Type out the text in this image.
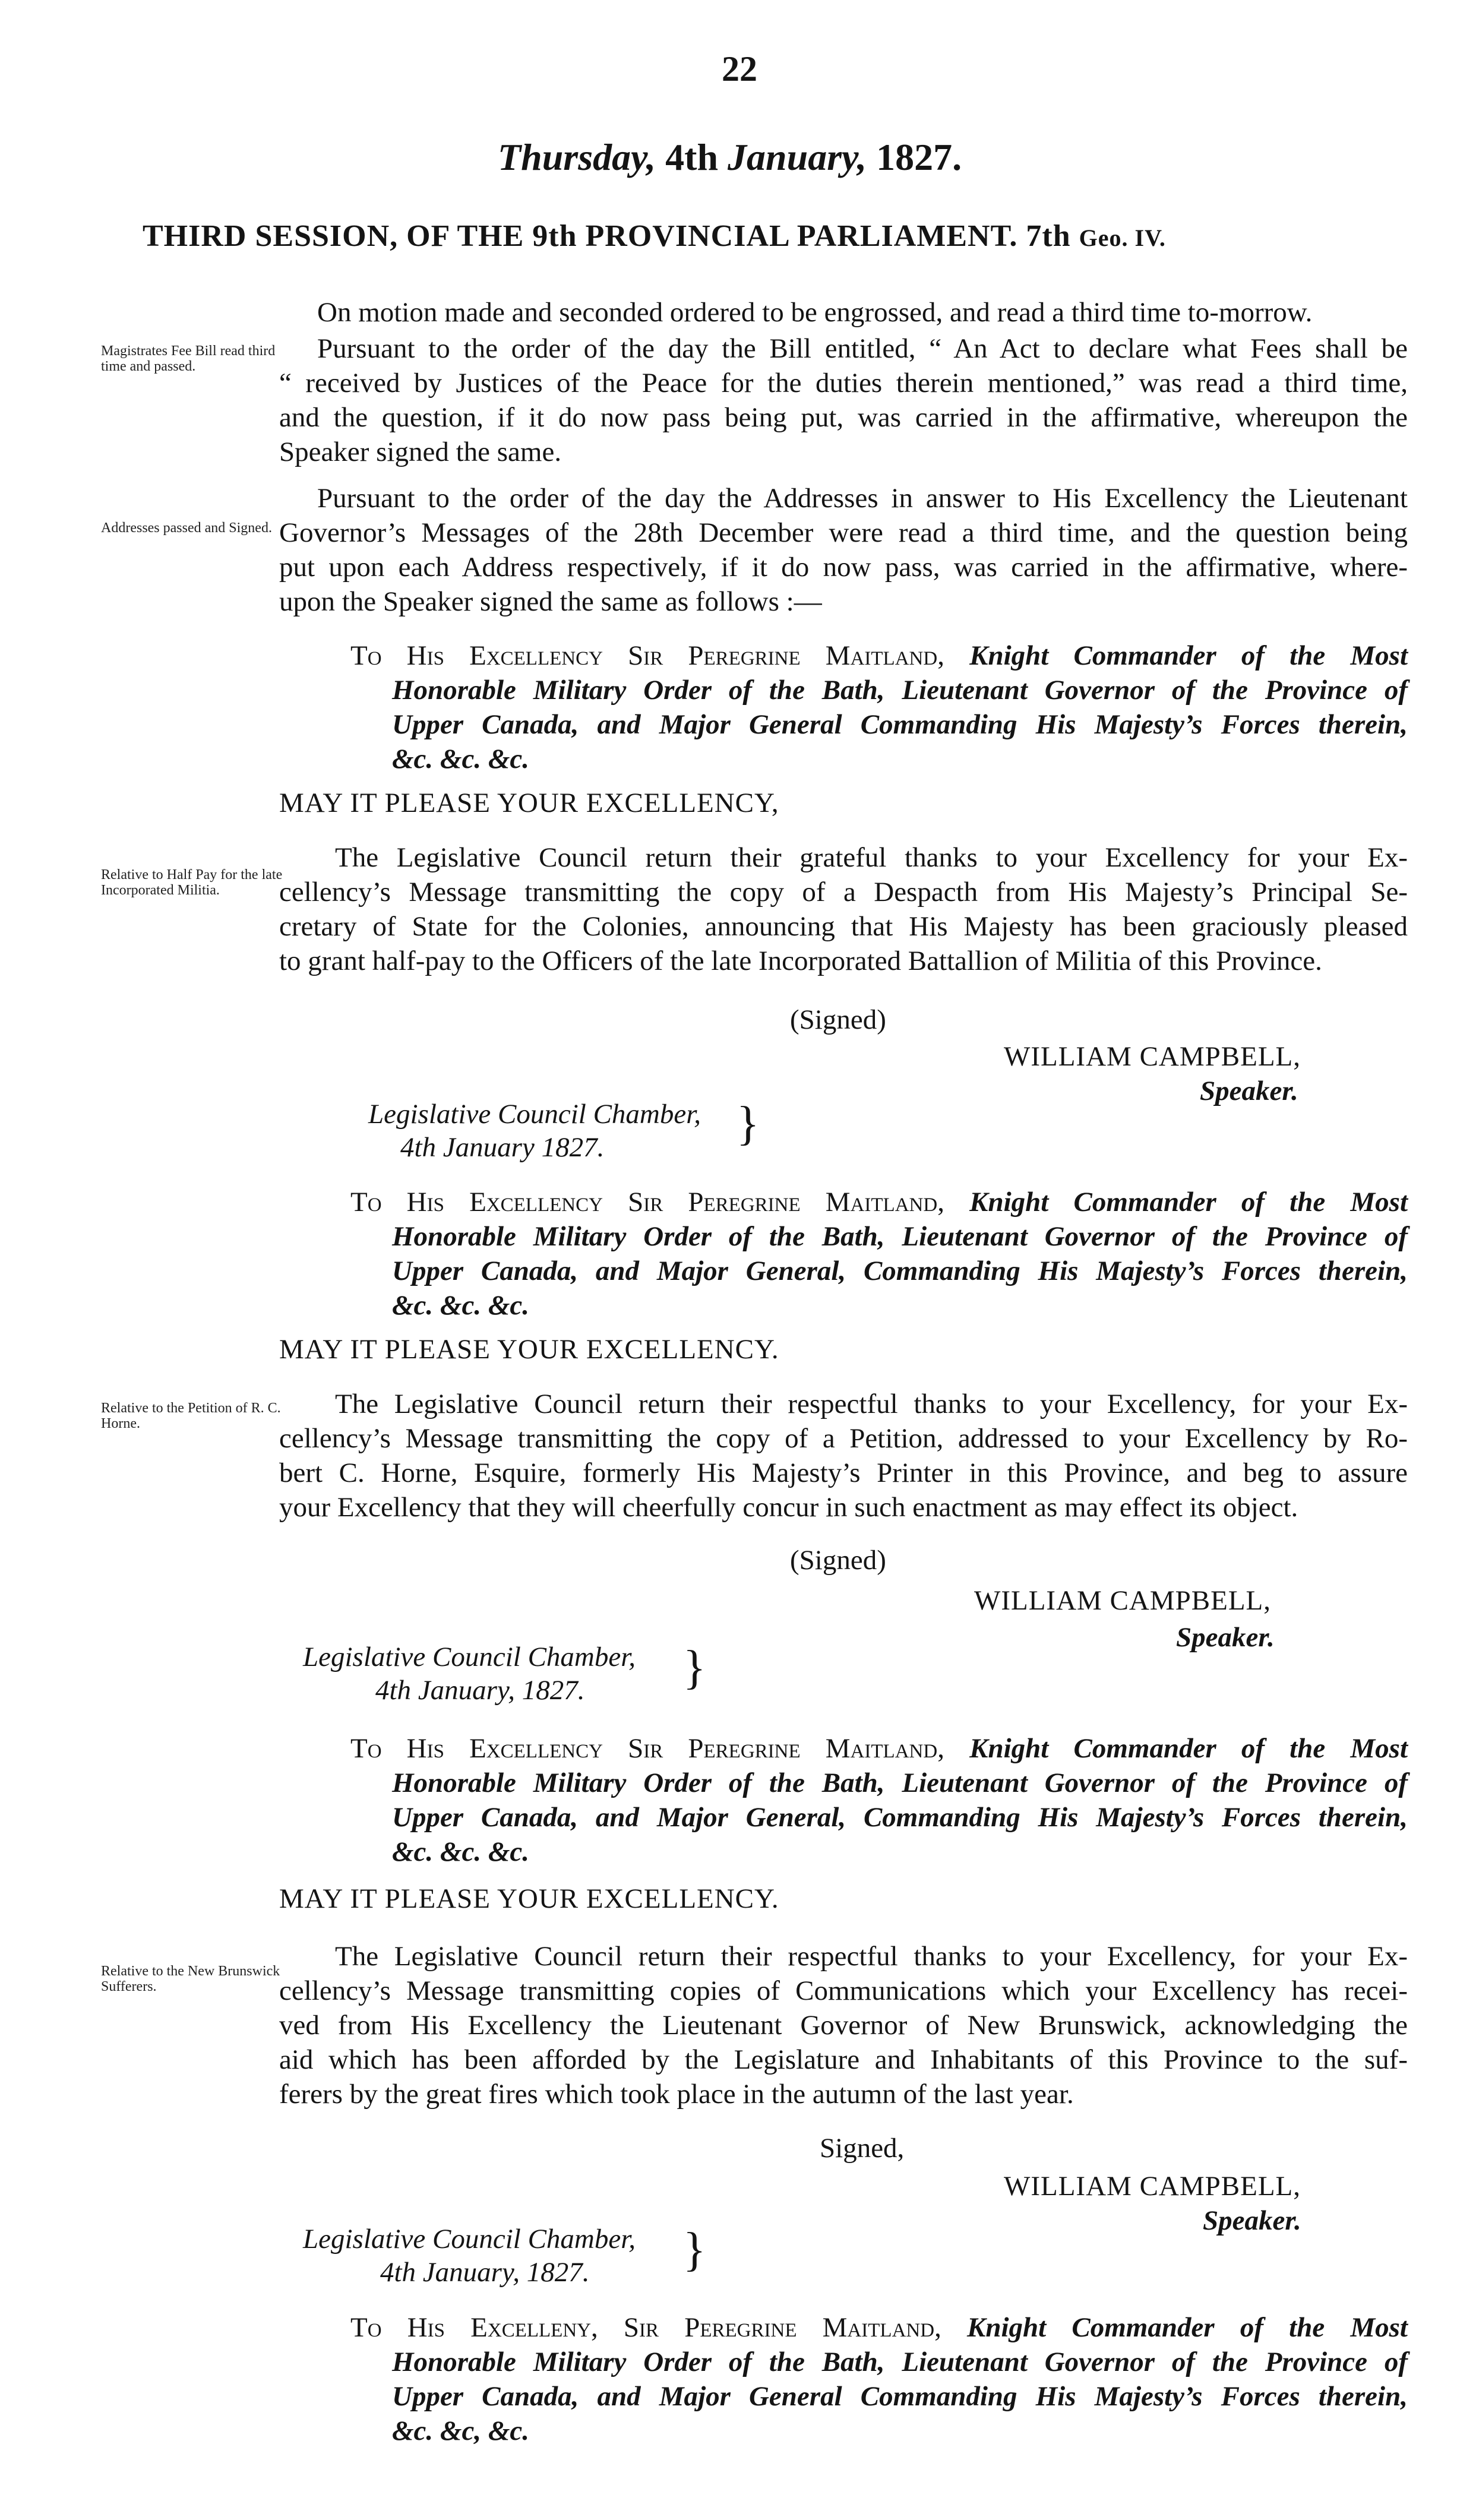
22
Thursday, 4th January, 1827.
THIRD SESSION, OF THE 9th PROVINCIAL PARLIAMENT. 7th Geo. IV.
Magistrates Fee Bill read third time and passed.
Addresses passed and Signed.
Relative to Half Pay for the late Incorporated Militia.
Relative to the Petition of R. C. Horne.
Relative to the New Brunswick Sufferers.
On motion made and seconded ordered to be engrossed, and read a third time to-morrow.
Pursuant to the order of the day the Bill entitled, “ An Act to declare what Fees shall be
“ received by Justices of the Peace for the duties therein mentioned,” was read a third time,
and the question, if it do now pass being put, was carried in the affirmative, whereupon the
Speaker signed the same.
Pursuant to the order of the day the Addresses in answer to His Excellency the Lieutenant
Governor’s Messages of the 28th December were read a third time, and the question being
put upon each Address respectively, if it do now pass, was carried in the affirmative, where-
upon the Speaker signed the same as follows :—
To His Excellency Sir Peregrine Maitland, Knight Commander of the Most
Honorable Military Order of the Bath, Lieutenant Governor of the Province of
Upper Canada, and Major General Commanding His Majesty’s Forces therein,
&c. &c. &c.
MAY IT PLEASE YOUR EXCELLENCY,
The Legislative Council return their grateful thanks to your Excellency for your Ex-
cellency’s Message transmitting the copy of a Despacth from His Majesty’s Principal Se-
cretary of State for the Colonies, announcing that His Majesty has been graciously pleased
to grant half-pay to the Officers of the late Incorporated Battallion of Militia of this Province.
(Signed)
WILLIAM CAMPBELL,
Speaker.
Legislative Council Chamber,
4th January 1827.	}
To His Excellency Sir Peregrine Maitland, Knight Commander of the Most
Honorable Military Order of the Bath, Lieutenant Governor of the Province of
Upper Canada, and Major General, Commanding His Majesty’s Forces therein,
&c. &c. &c.
MAY IT PLEASE YOUR EXCELLENCY.
The Legislative Council return their respectful thanks to your Excellency, for your Ex-
cellency’s Message transmitting the copy of a Petition, addressed to your Excellency by Ro-
bert C. Horne, Esquire, formerly His Majesty’s Printer in this Province, and beg to assure
your Excellency that they will cheerfully concur in such enactment as may effect its object.
(Signed)
WILLIAM CAMPBELL,
Speaker.
Legislative Council Chamber,
4th January, 1827.	}
To His Excellency Sir Peregrine Maitland, Knight Commander of the Most
Honorable Military Order of the Bath, Lieutenant Governor of the Province of
Upper Canada, and Major General, Commanding His Majesty’s Forces therein,
&c. &c. &c.
MAY IT PLEASE YOUR EXCELLENCY.
The Legislative Council return their respectful thanks to your Excellency, for your Ex-
cellency’s Message transmitting copies of Communications which your Excellency has recei-
ved from His Excellency the Lieutenant Governor of New Brunswick, acknowledging the
aid which has been afforded by the Legislature and Inhabitants of this Province to the suf-
ferers by the great fires which took place in the autumn of the last year.
Signed,
WILLIAM CAMPBELL,
Speaker.
Legislative Council Chamber,
4th January, 1827.	}
To His Excelleny, Sir Peregrine Maitland, Knight Commander of the Most
Honorable Military Order of the Bath, Lieutenant Governor of the Province of
Upper Canada, and Major General Commanding His Majesty’s Forces therein,
&c. &c, &c.
